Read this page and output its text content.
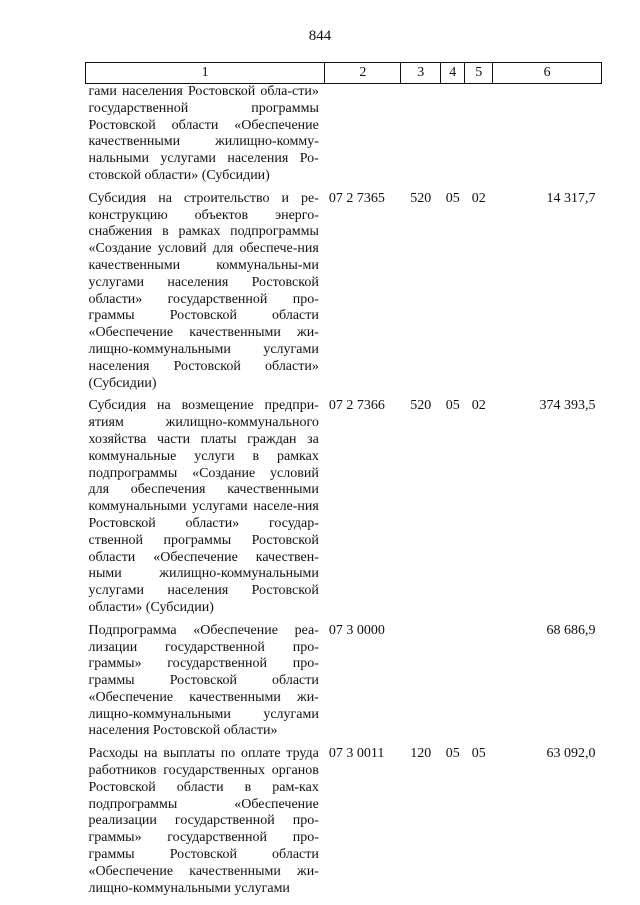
844
1	2	3	4	5	6
гами населения Ростовской обла-сти» государственной программы Ростовской области «Обеспечение качественными жилищно-комму-нальными услугами населения Ро-стовской области» (Субсидии)					
Субсидия на строительство и ре-конструкцию объектов энерго-снабжения в рамках подпрограммы «Создание условий для обеспече-ния качественными коммунальны-ми услугами населения Ростовской области» государственной про-граммы Ростовской области «Обеспечение качественными жи-лищно-коммунальными услугами населения Ростовской области» (Субсидии)	07 2 7365	520	05	02	14 317,7
Субсидия на возмещение предпри-ятиям жилищно-коммунального хозяйства части платы граждан за коммунальные услуги в рамках подпрограммы «Создание условий для обеспечения качественными коммунальными услугами населе-ния Ростовской области» государ-ственной программы Ростовской области «Обеспечение качествен-ными жилищно-коммунальными услугами населения Ростовской области» (Субсидии)	07 2 7366	520	05	02	374 393,5
Подпрограмма «Обеспечение реа-лизации государственной про-граммы» государственной про-граммы Ростовской области «Обеспечение качественными жи-лищно-коммунальными услугами населения Ростовской области»	07 3 0000				68 686,9
Расходы на выплаты по оплате труда работников государственных органов Ростовской области в рам-ках подпрограммы «Обеспечение реализации государственной про-граммы» государственной про-граммы Ростовской области «Обеспечение качественными жи-лищно-коммунальными услугами	07 3 0011	120	05	05	63 092,0
